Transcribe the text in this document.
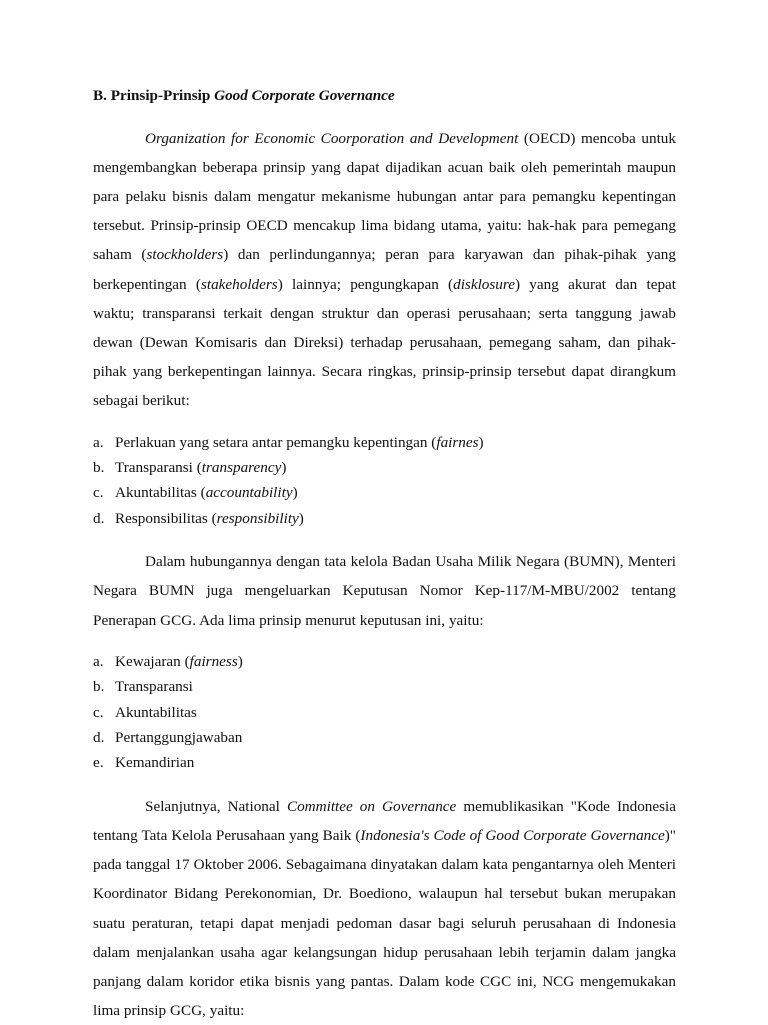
B. Prinsip-Prinsip Good Corporate Governance

Organization for Economic Coorporation and Development (OECD) mencoba untuk mengembangkan beberapa prinsip yang dapat dijadikan acuan baik oleh pemerintah maupun para pelaku bisnis dalam mengatur mekanisme hubungan antar para pemangku kepentingan tersebut. Prinsip-prinsip OECD mencakup lima bidang utama, yaitu: hak-hak para pemegang saham (stockholders) dan perlindungannya; peran para karyawan dan pihak-pihak yang berkepentingan (stakeholders) lainnya; pengungkapan (disklosure) yang akurat dan tepat waktu; transparansi terkait dengan struktur dan operasi perusahaan; serta tanggung jawab dewan (Dewan Komisaris dan Direksi) terhadap perusahaan, pemegang saham, dan pihak-pihak yang berkepentingan lainnya. Secara ringkas, prinsip-prinsip tersebut dapat dirangkum sebagai berikut:

a. Perlakuan yang setara antar pemangku kepentingan (fairnes)
b. Transparansi (transparency)
c. Akuntabilitas (accountability)
d. Responsibilitas (responsibility)

Dalam hubungannya dengan tata kelola Badan Usaha Milik Negara (BUMN), Menteri Negara BUMN juga mengeluarkan Keputusan Nomor Kep-117/M-MBU/2002 tentang Penerapan GCG. Ada lima prinsip menurut keputusan ini, yaitu:

a. Kewajaran (fairness)
b. Transparansi
c. Akuntabilitas
d. Pertanggungjawaban
e. Kemandirian

Selanjutnya, National Committee on Governance memublikasikan "Kode Indonesia tentang Tata Kelola Perusahaan yang Baik (Indonesia's Code of Good Corporate Governance)" pada tanggal 17 Oktober 2006. Sebagaimana dinyatakan dalam kata pengantarnya oleh Menteri Koordinator Bidang Perekonomian, Dr. Boediono, walaupun hal tersebut bukan merupakan suatu peraturan, tetapi dapat menjadi pedoman dasar bagi seluruh perusahaan di Indonesia dalam menjalankan usaha agar kelangsungan hidup perusahaan lebih terjamin dalam jangka panjang dalam koridor etika bisnis yang pantas. Dalam kode CGC ini, NCG mengemukakan lima prinsip GCG, yaitu:
